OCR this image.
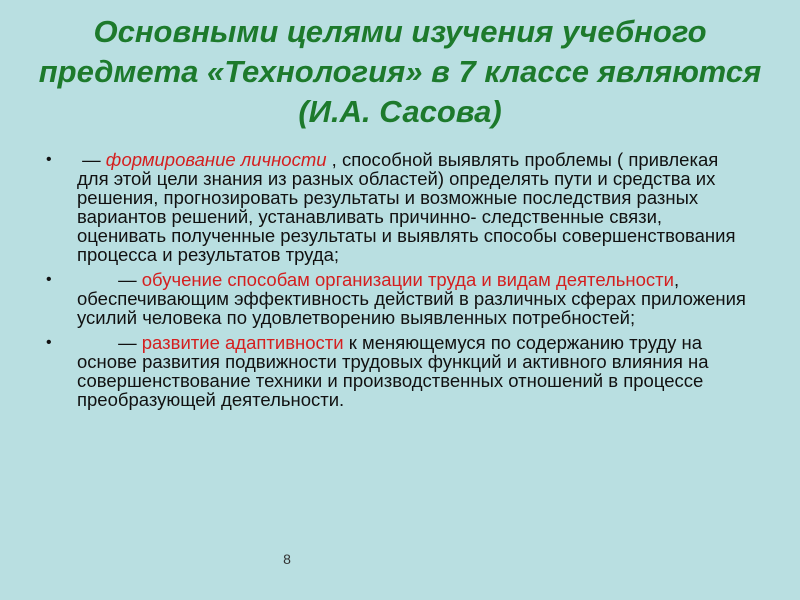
Основными целями изучения учебного предмета «Технология» в 7 классе являются (И.А. Сасова)
• — формирование личности , способной выявлять проблемы ( привлекая для этой цели знания из разных областей) определять пути и средства их решения, прогнозировать результаты и возможные последствия разных вариантов решений, устанавливать причинно- следственные связи, оценивать полученные результаты и выявлять способы совершенствования процесса и результатов труда;
• — обучение способам организации труда и видам деятельности, обеспечивающим эффективность действий в различных сферах приложения усилий человека по удовлетворению выявленных потребностей;
• — развитие адаптивности к меняющемуся по содержанию труду на основе развития подвижности трудовых функций и активного влияния на совершенствование техники и производственных отношений в процессе преобразующей деятельности.
8
